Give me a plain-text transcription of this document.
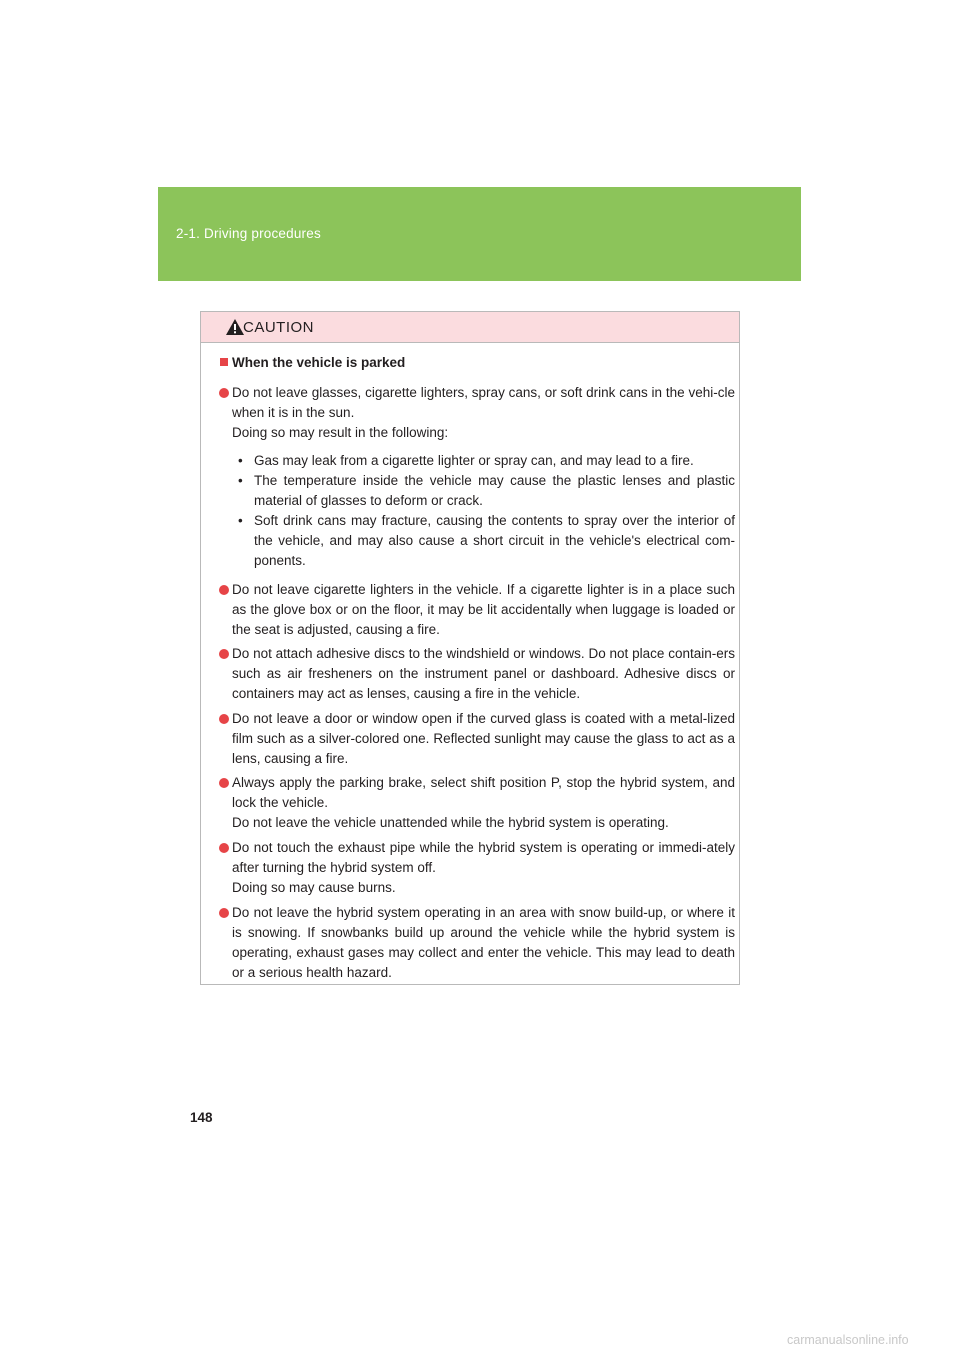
2-1. Driving procedures
CAUTION
When the vehicle is parked
Do not leave glasses, cigarette lighters, spray cans, or soft drink cans in the vehi-cle when it is in the sun.
Doing so may result in the following:
• Gas may leak from a cigarette lighter or spray can, and may lead to a fire.
• The temperature inside the vehicle may cause the plastic lenses and plastic material of glasses to deform or crack.
• Soft drink cans may fracture, causing the contents to spray over the interior of the vehicle, and may also cause a short circuit in the vehicle's electrical com-ponents.
Do not leave cigarette lighters in the vehicle. If a cigarette lighter is in a place such as the glove box or on the floor, it may be lit accidentally when luggage is loaded or the seat is adjusted, causing a fire.
Do not attach adhesive discs to the windshield or windows. Do not place contain-ers such as air fresheners on the instrument panel or dashboard. Adhesive discs or containers may act as lenses, causing a fire in the vehicle.
Do not leave a door or window open if the curved glass is coated with a metal-lized film such as a silver-colored one. Reflected sunlight may cause the glass to act as a lens, causing a fire.
Always apply the parking brake, select shift position P, stop the hybrid system, and lock the vehicle.
Do not leave the vehicle unattended while the hybrid system is operating.
Do not touch the exhaust pipe while the hybrid system is operating or immedi-ately after turning the hybrid system off.
Doing so may cause burns.
Do not leave the hybrid system operating in an area with snow build-up, or where it is snowing. If snowbanks build up around the vehicle while the hybrid system is operating, exhaust gases may collect and enter the vehicle. This may lead to death or a serious health hazard.
148
carmanualsonline.info
